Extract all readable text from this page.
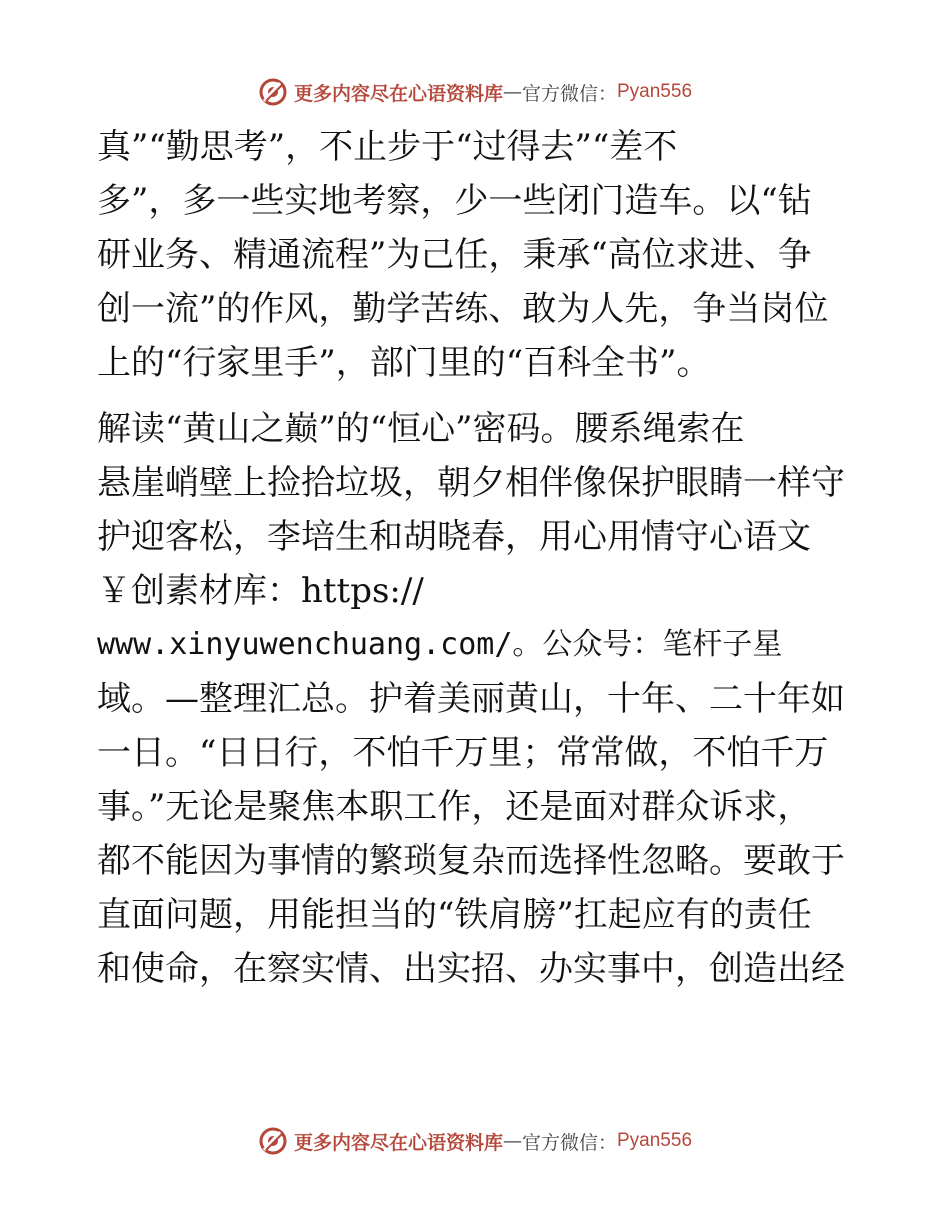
更多内容尽在心语资料库 — 官方微信： Pyan556

真”“勤思考”，不止步于“过得去”“差不

多”，多一些实地考察，少一些闭门造车。以“钻

研业务、精通流程”为己任，秉承“高位求进、争

创一流”的作风，勤学苦练、敢为人先，争当岗位

上的“行家里手”，部门里的“百科全书”。

解读“黄山之巅”的“恒心”密码。腰系绳索在

悬崖峭壁上捡拾垃圾，朝夕相伴像保护眼睛一样守

护迎客松，李培生和胡晓春，用心用情守心语文

￥创素材库：https://

www.xinyuwenchuang.com/。公众号：笔杆子星

域。—整理汇总。护着美丽黄山，十年、二十年如

一日。“日日行，不怕千万里；常常做，不怕千万

事。”无论是聚焦本职工作，还是面对群众诉求，

都不能因为事情的繁琐复杂而选择性忽略。要敢于

直面问题，用能担当的“铁肩膀”扛起应有的责任

和使命，在察实情、出实招、办实事中，创造出经

更多内容尽在心语资料库 — 官方微信： Pyan556
